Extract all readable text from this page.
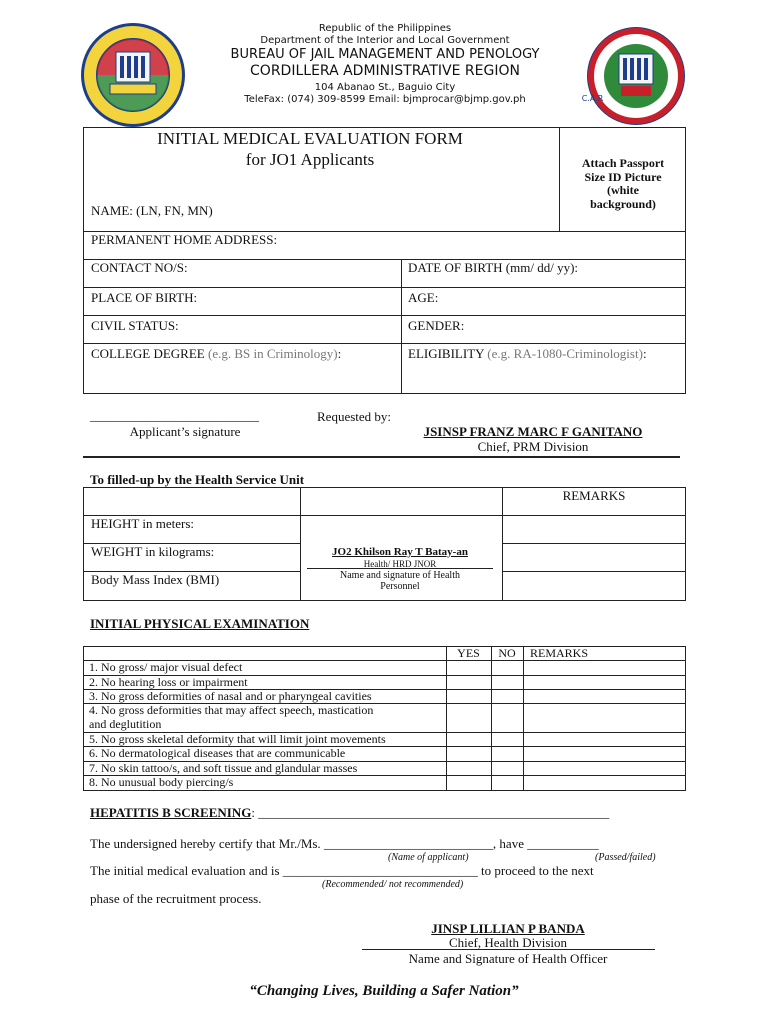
C.A.R
Republic of the Philippines
Department of the Interior and Local Government
BUREAU OF JAIL MANAGEMENT AND PENOLOGY
CORDILLERA ADMINISTRATIVE REGION
104 Abanao St., Baguio City
TeleFax: (074) 309-8599 Email: bjmprocar@bjmp.gov.ph
INITIAL MEDICAL EVALUATION FORM
for JO1 Applicants	Attach Passport
Size ID Picture
(white
background)
NAME: (LN, FN, MN)
PERMANENT HOME ADDRESS:
CONTACT NO/S:	DATE OF BIRTH (mm/ dd/ yy):
PLACE OF BIRTH:	AGE:
CIVIL STATUS:	GENDER:
COLLEGE DEGREE (e.g. BS in Criminology):	ELIGIBILITY (e.g. RA-1080-Criminologist):
__________________________
Applicant’s signature
Requested by:
JSINSP FRANZ MARC F GANITANO
Chief, PRM Division
To filled-up by the Health Service Unit
REMARKS
HEIGHT in meters:
WEIGHT in kilograms:
Body Mass Index (BMI)
JO2 Khilson Ray T Batay-an
Health/ HRD JNOR
Name and signature of Health
Personnel
INITIAL PHYSICAL EXAMINATION
YES	NO	REMARKS
1. No gross/ major visual defect
2. No hearing loss or impairment
3. No gross deformities of nasal and or pharyngeal cavities
4. No gross deformities that may affect speech, mastication
and deglutition
5. No gross skeletal deformity that will limit joint movements
6. No dermatological diseases that are communicable
7. No skin tattoo/s, and soft tissue and glandular masses
8. No unusual body piercing/s
HEPATITIS B SCREENING: ______________________________________________________
The undersigned hereby certify that Mr./Ms. __________________________, have ___________
(Name of applicant)	(Passed/failed)
The initial medical evaluation and is ______________________________ to proceed to the next
(Recommended/ not recommended)
phase of the recruitment process.
JINSP LILLIAN P BANDA
Chief, Health Division
Name and Signature of Health Officer
“Changing Lives, Building a Safer Nation”
